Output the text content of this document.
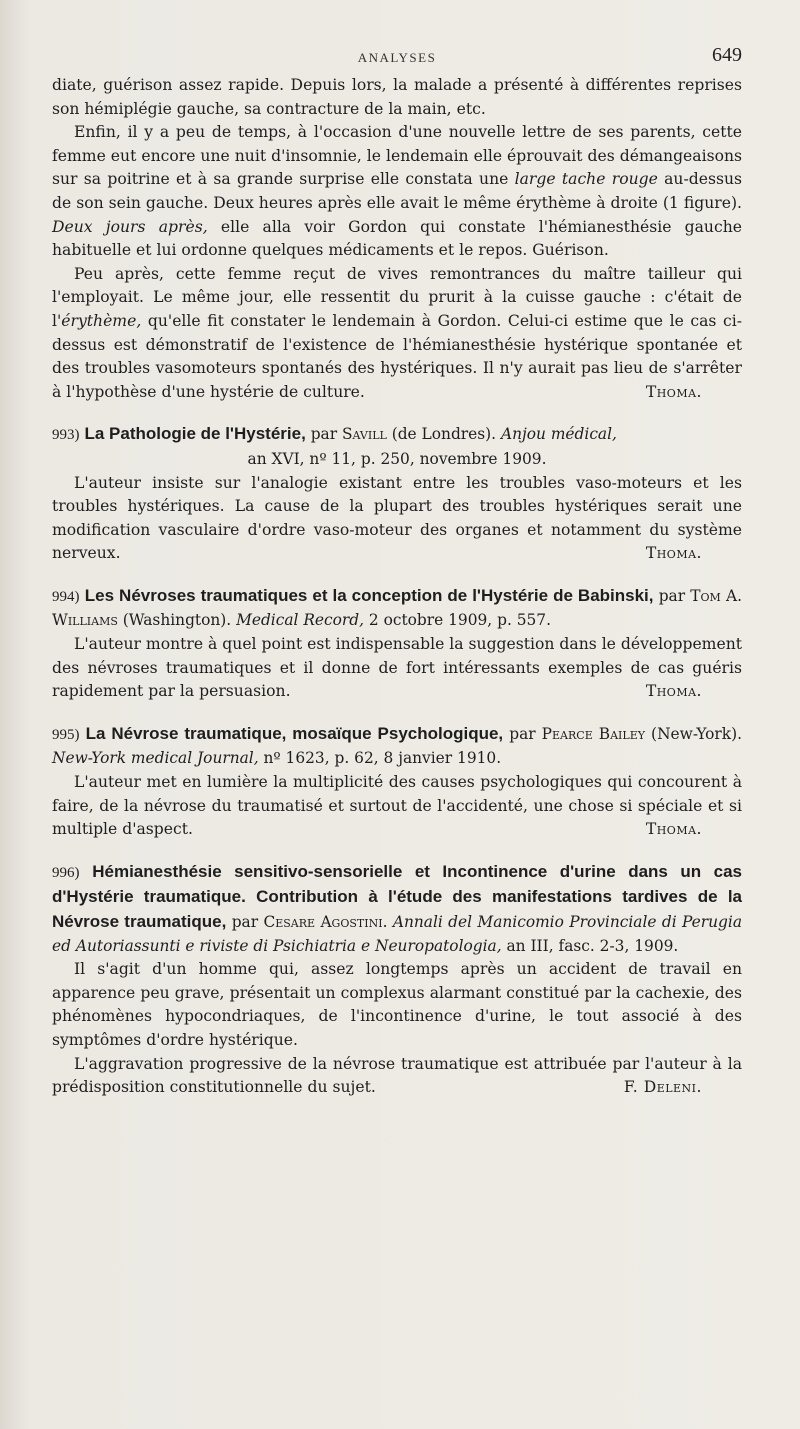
ANALYSES	649

diate, guérison assez rapide. Depuis lors, la malade a présenté à différentes reprises son hémiplégie gauche, sa contracture de la main, etc.

Enfin, il y a peu de temps, à l'occasion d'une nouvelle lettre de ses parents, cette femme eut encore une nuit d'insomnie, le lendemain elle éprouvait des démangeaisons sur sa poitrine et à sa grande surprise elle constata une large tache rouge au-dessus de son sein gauche. Deux heures après elle avait le même érythème à droite (1 figure). Deux jours après, elle alla voir Gordon qui constate l'hémianesthésie gauche habituelle et lui ordonne quelques médicaments et le repos. Guérison.

Peu après, cette femme reçut de vives remontrances du maître tailleur qui l'employait. Le même jour, elle ressentit du prurit à la cuisse gauche : c'était de l'érythème, qu'elle fit constater le lendemain à Gordon. Celui-ci estime que le cas ci-dessus est démonstratif de l'existence de l'hémianesthésie hystérique spontanée et des troubles vasomoteurs spontanés des hystériques. Il n'y aurait pas lieu de s'arrêter à l'hypothèse d'une hystérie de culture.	Thoma.
993) La Pathologie de l'Hystérie, par Savill (de Londres). Anjou médical,
an XVI, nº 11, p. 250, novembre 1909.

L'auteur insiste sur l'analogie existant entre les troubles vaso-moteurs et les troubles hystériques. La cause de la plupart des troubles hystériques serait une modification vasculaire d'ordre vaso-moteur des organes et notamment du système nerveux.	Thoma.
994) Les Névroses traumatiques et la conception de l'Hystérie de Babinski, par Tom A. Williams (Washington). Medical Record, 2 octobre 1909, p. 557.

L'auteur montre à quel point est indispensable la suggestion dans le développement des névroses traumatiques et il donne de fort intéressants exemples de cas guéris rapidement par la persuasion.	Thoma.
995) La Névrose traumatique, mosaïque Psychologique, par Pearce Bailey (New-York). New-York medical Journal, nº 1623, p. 62, 8 janvier 1910.

L'auteur met en lumière la multiplicité des causes psychologiques qui concourent à faire, de la névrose du traumatisé et surtout de l'accidenté, une chose si spéciale et si multiple d'aspect.	Thoma.
996) Hémianesthésie sensitivo-sensorielle et Incontinence d'urine dans un cas d'Hystérie traumatique. Contribution à l'étude des manifestations tardives de la Névrose traumatique, par Cesare Agostini. Annali del Manicomio Provinciale di Perugia ed Autoriassunti e riviste di Psichiatria e Neuropatologia, an III, fasc. 2-3, 1909.

Il s'agit d'un homme qui, assez longtemps après un accident de travail en apparence peu grave, présentait un complexus alarmant constitué par la cachexie, des phénomènes hypocondriaques, de l'incontinence d'urine, le tout associé à des symptômes d'ordre hystérique.

L'aggravation progressive de la névrose traumatique est attribuée par l'auteur à la prédisposition constitutionnelle du sujet.	F. Deleni.
